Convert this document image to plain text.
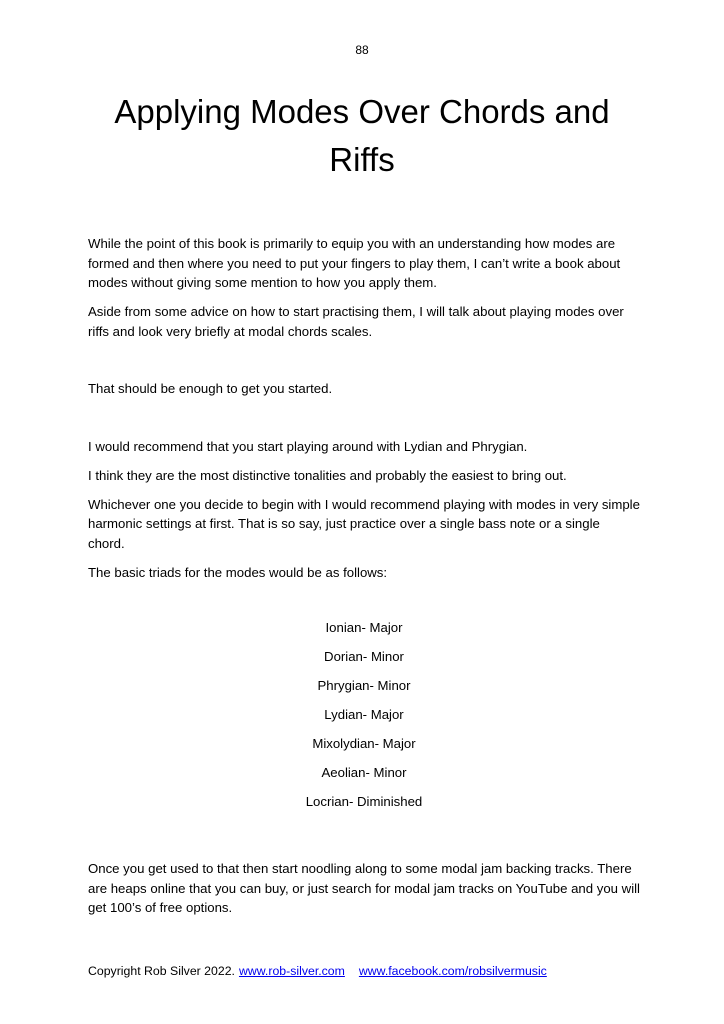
88
Applying Modes Over Chords and Riffs

While the point of this book is primarily to equip you with an understanding how modes are formed and then where you need to put your fingers to play them, I can’t write a book about modes without giving some mention to how you apply them.

Aside from some advice on how to start practising them, I will talk about playing modes over riffs and look very briefly at modal chords scales.

That should be enough to get you started.

I would recommend that you start playing around with Lydian and Phrygian.

I think they are the most distinctive tonalities and probably the easiest to bring out.

Whichever one you decide to begin with I would recommend playing with modes in very simple harmonic settings at first. That is so say, just practice over a single bass note or a single chord.

The basic triads for the modes would be as follows:

Ionian- Major
Dorian- Minor
Phrygian- Minor
Lydian- Major
Mixolydian- Major
Aeolian- Minor
Locrian- Diminished

Once you get used to that then start noodling along to some modal jam backing tracks. There are heaps online that you can buy, or just search for modal jam tracks on YouTube and you will get 100’s of free options.

Copyright Rob Silver 2022. www.rob-silver.com www.facebook.com/robsilvermusic
